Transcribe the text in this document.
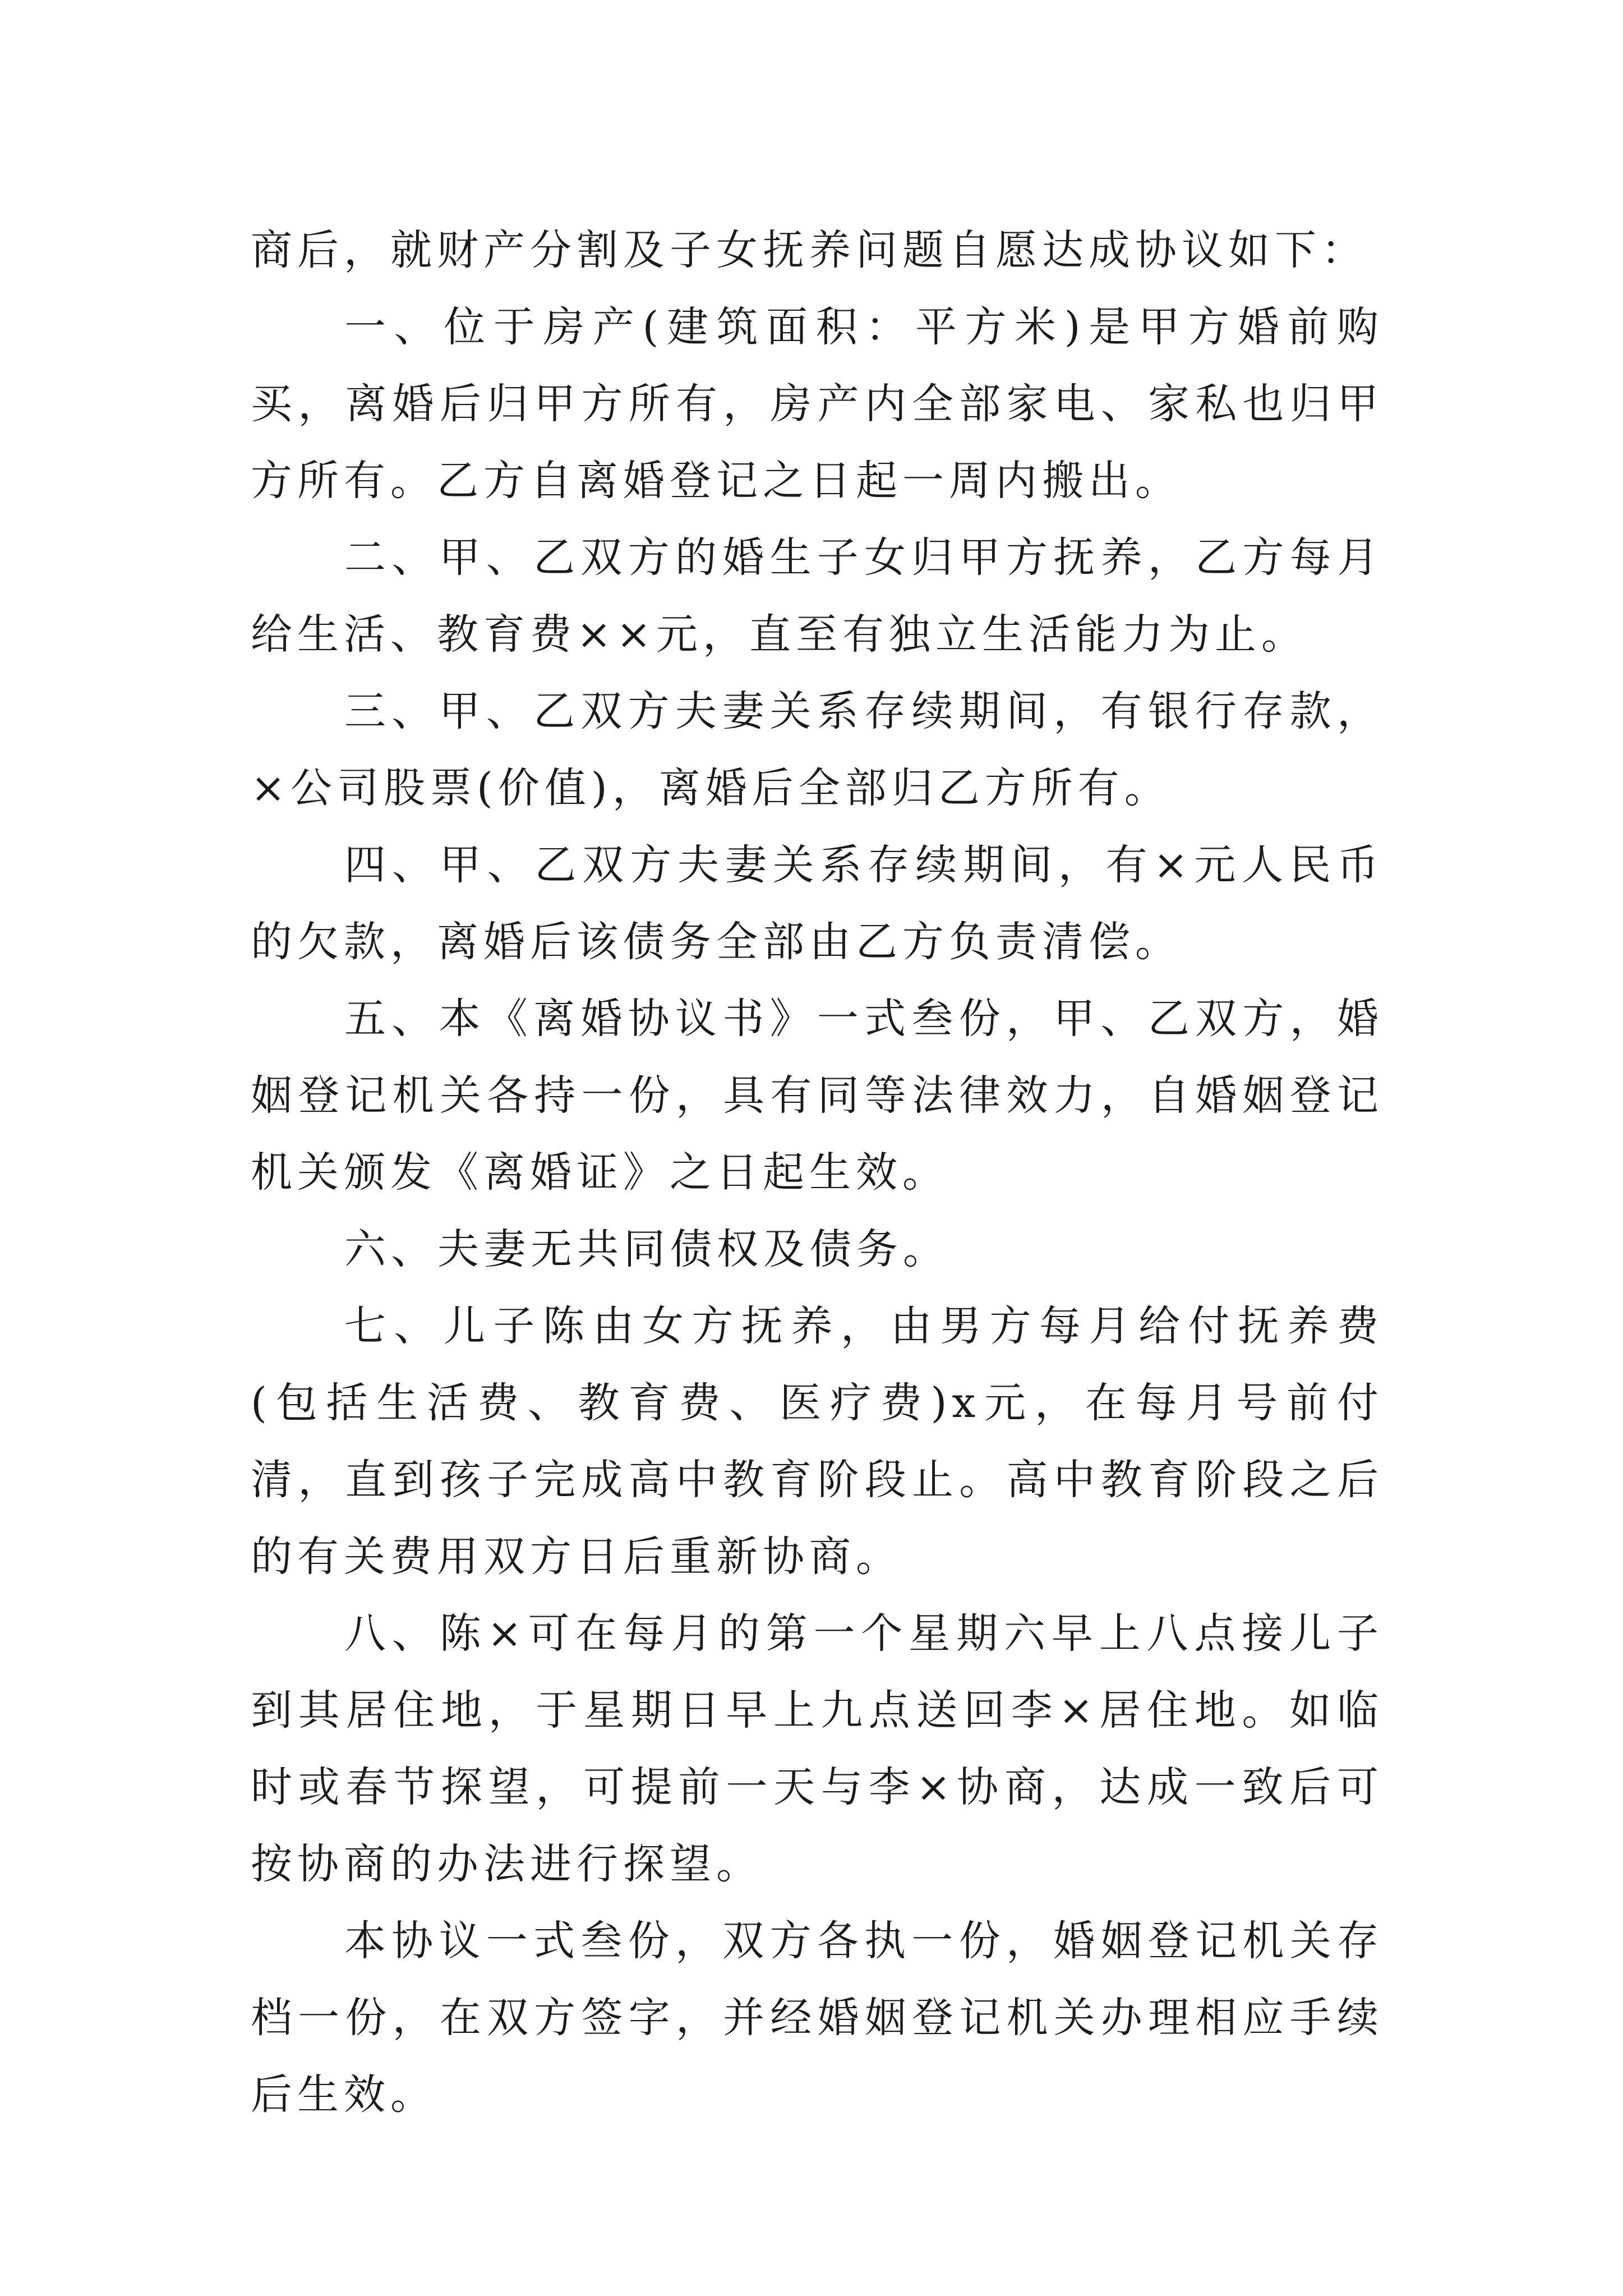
商后，就财产分割及子女抚养问题自愿达成协议如下：

一、位于房产(建筑面积：平方米)是甲方婚前购买，离婚后归甲方所有，房产内全部家电、家私也归甲方所有。乙方自离婚登记之日起一周内搬出。

二、甲、乙双方的婚生子女归甲方抚养，乙方每月给生活、教育费××元，直至有独立生活能力为止。

三、甲、乙双方夫妻关系存续期间，有银行存款，×公司股票(价值)，离婚后全部归乙方所有。

四、甲、乙双方夫妻关系存续期间，有×元人民币的欠款，离婚后该债务全部由乙方负责清偿。

五、本《离婚协议书》一式叁份，甲、乙双方，婚姻登记机关各持一份，具有同等法律效力，自婚姻登记机关颁发《离婚证》之日起生效。

六、夫妻无共同债权及债务。

七、儿子陈由女方抚养，由男方每月给付抚养费(包括生活费、教育费、医疗费)x元，在每月号前付清，直到孩子完成高中教育阶段止。高中教育阶段之后的有关费用双方日后重新协商。

八、陈×可在每月的第一个星期六早上八点接儿子到其居住地，于星期日早上九点送回李×居住地。如临时或春节探望，可提前一天与李×协商，达成一致后可按协商的办法进行探望。

本协议一式叁份，双方各执一份，婚姻登记机关存档一份，在双方签字，并经婚姻登记机关办理相应手续后生效。
